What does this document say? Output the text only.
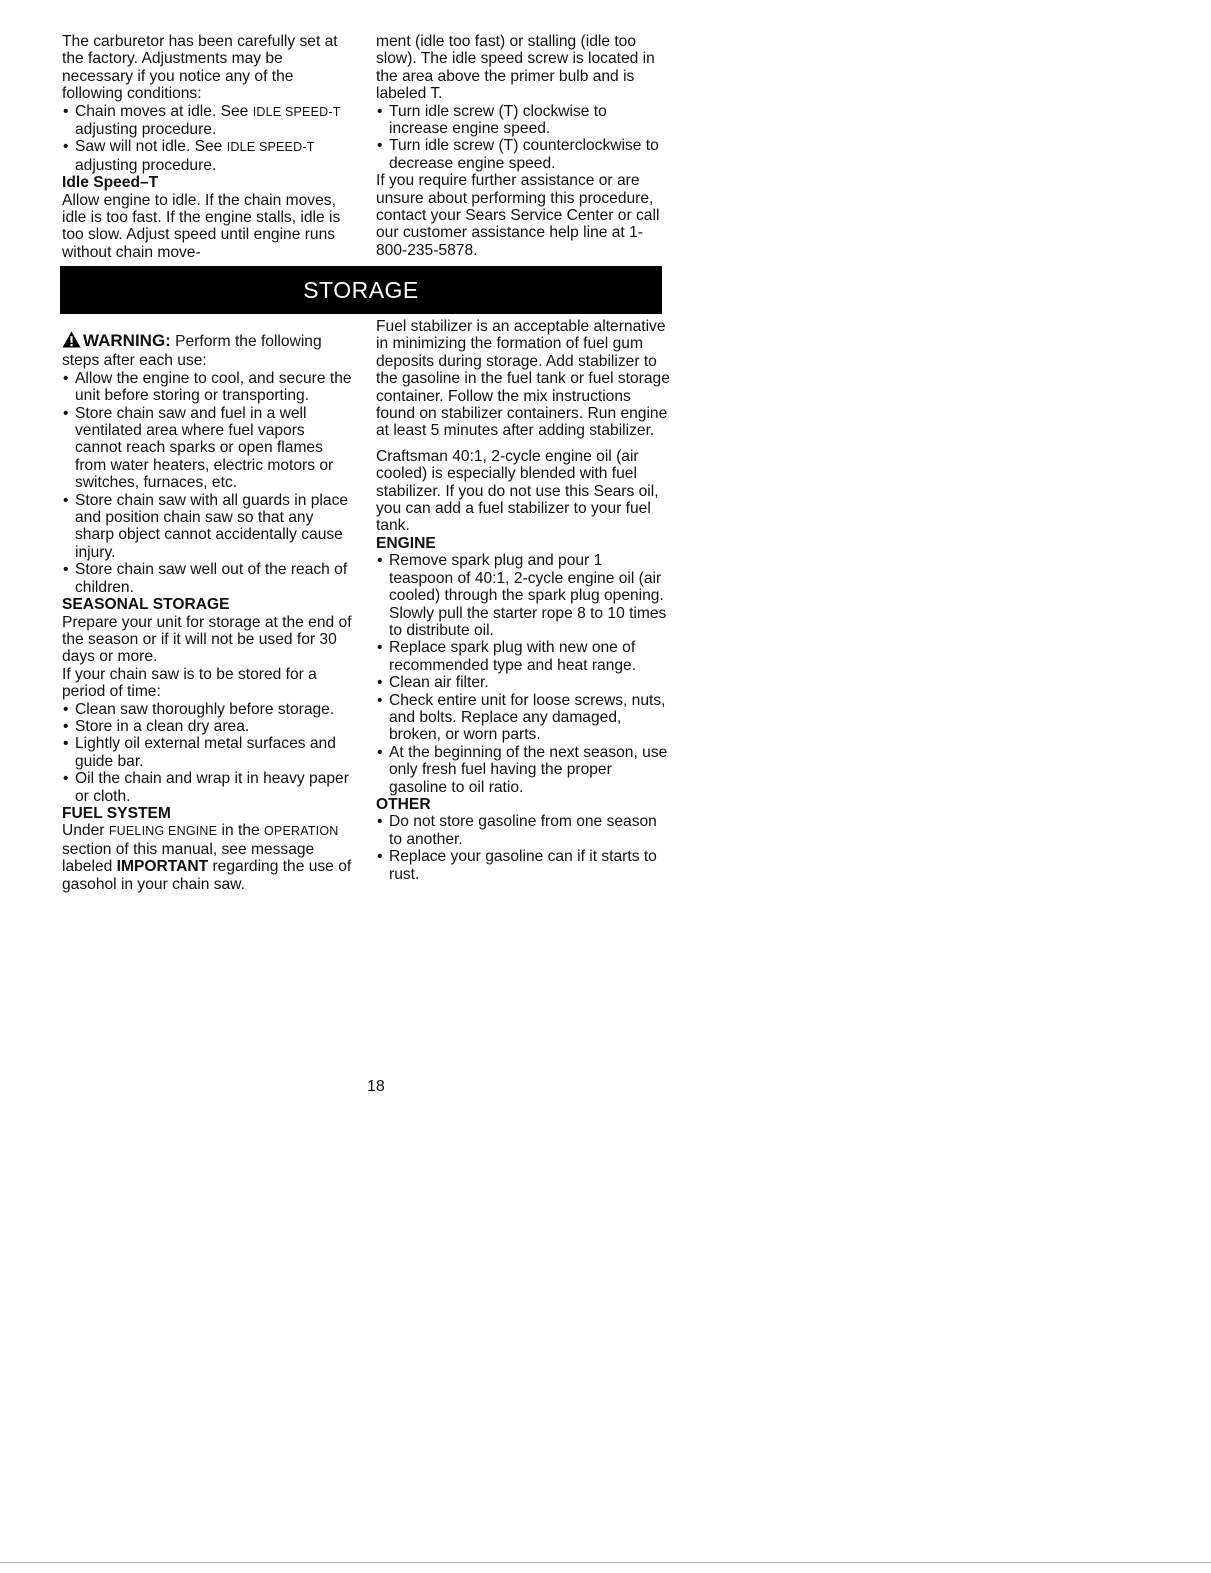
The carburetor has been carefully set at the factory. Adjustments may be necessary if you notice any of the following conditions:

• Chain moves at idle. See IDLE SPEED-T adjusting procedure.
• Saw will not idle. See IDLE SPEED-T adjusting procedure.
Idle Speed–T

Allow engine to idle. If the chain moves, idle is too fast. If the engine stalls, idle is too slow. Adjust speed until engine runs without chain move-

ment (idle too fast) or stalling (idle too slow). The idle speed screw is located in the area above the primer bulb and is labeled T.

• Turn idle screw (T) clockwise to increase engine speed.
• Turn idle screw (T) counterclockwise to decrease engine speed.

If you require further assistance or are unsure about performing this procedure, contact your Sears Service Center or call our customer assistance help line at 1-800-235-5878.

STORAGE

WARNING: Perform the following steps after each use:

• Allow the engine to cool, and secure the unit before storing or transporting.
• Store chain saw and fuel in a well ventilated area where fuel vapors cannot reach sparks or open flames from water heaters, electric motors or switches, furnaces, etc.
• Store chain saw with all guards in place and position chain saw so that any sharp object cannot accidentally cause injury.
• Store chain saw well out of the reach of children.
SEASONAL STORAGE

Prepare your unit for storage at the end of the season or if it will not be used for 30 days or more.

If your chain saw is to be stored for a period of time:

• Clean saw thoroughly before storage.
• Store in a clean dry area.
• Lightly oil external metal surfaces and guide bar.
• Oil the chain and wrap it in heavy paper or cloth.
FUEL SYSTEM

Under FUELING ENGINE in the OPERATION section of this manual, see message labeled IMPORTANT regarding the use of gasohol in your chain saw.

Fuel stabilizer is an acceptable alternative in minimizing the formation of fuel gum deposits during storage. Add stabilizer to the gasoline in the fuel tank or fuel storage container. Follow the mix instructions found on stabilizer containers. Run engine at least 5 minutes after adding stabilizer.

Craftsman 40:1, 2-cycle engine oil (air cooled) is especially blended with fuel stabilizer. If you do not use this Sears oil, you can add a fuel stabilizer to your fuel tank.

ENGINE
• Remove spark plug and pour 1 teaspoon of 40:1, 2-cycle engine oil (air cooled) through the spark plug opening. Slowly pull the starter rope 8 to 10 times to distribute oil.
• Replace spark plug with new one of recommended type and heat range.
• Clean air filter.
• Check entire unit for loose screws, nuts, and bolts. Replace any damaged, broken, or worn parts.
• At the beginning of the next season, use only fresh fuel having the proper gasoline to oil ratio.
OTHER
• Do not store gasoline from one season to another.
• Replace your gasoline can if it starts to rust.
18
